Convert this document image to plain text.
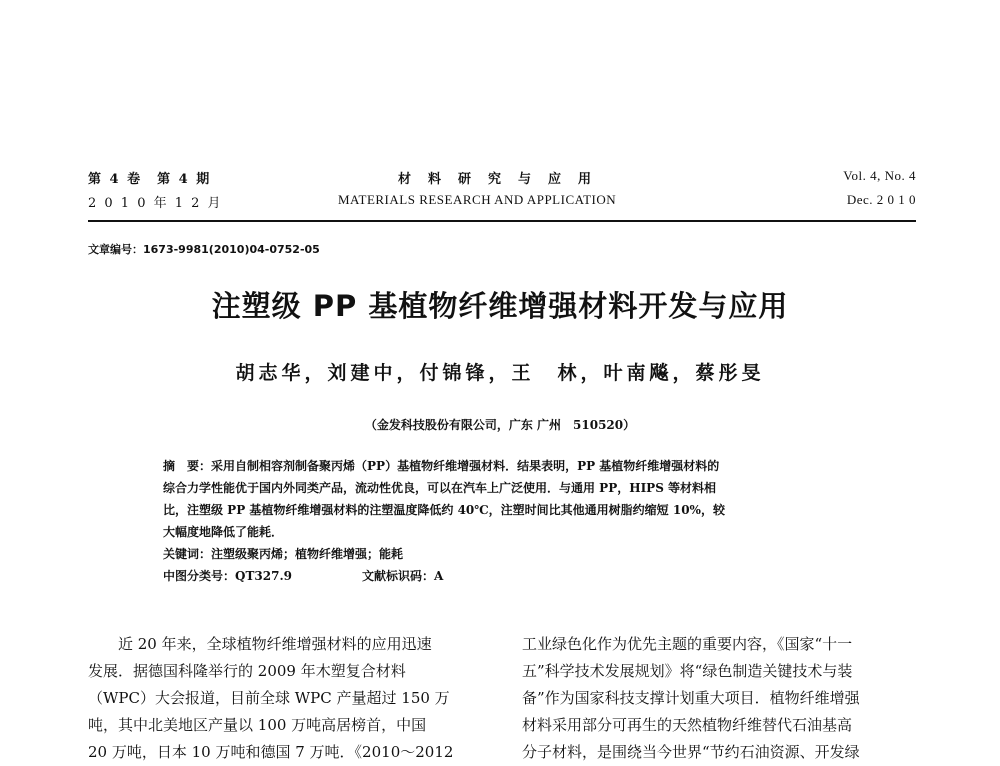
第 4 卷　第 4 期
2 0 1 0 年 1 2 月
材　料　研　究　与　应　用
MATERIALS RESEARCH AND APPLICATION
Vol. 4, No. 4
Dec. 2 0 1 0
文章编号：1673-9981(2010)04-0752-05
注塑级 PP 基植物纤维增强材料开发与应用
胡志华，刘建中，付锦锋，王　林，叶南飚，蔡彤旻
（金发科技股份有限公司，广东 广州　510520）
摘　要：采用自制相容剂制备聚丙烯（PP）基植物纤维增强材料．结果表明，PP 基植物纤维增强材料的
综合力学性能优于国内外同类产品，流动性优良，可以在汽车上广泛使用．与通用 PP，HIPS 等材料相
比，注塑级 PP 基植物纤维增强材料的注塑温度降低约 40℃，注塑时间比其他通用树脂约缩短 10%，较
大幅度地降低了能耗．
关键词：注塑级聚丙烯；植物纤维增强；能耗
中图分类号：QT327.9	文献标识码：A
　　近 20 年来，全球植物纤维增强材料的应用迅速
发展．据德国科隆举行的 2009 年木塑复合材料
（WPC）大会报道，目前全球 WPC 产量超过 150 万
吨，其中北美地区产量以 100 万吨高居榜首，中国
20 万吨，日本 10 万吨和德国 7 万吨．《2010～2012
工业绿色化作为优先主题的重要内容，《国家“十一
五”科学技术发展规划》将“绿色制造关键技术与装
备”作为国家科技支撑计划重大项目．植物纤维增强
材料采用部分可再生的天然植物纤维替代石油基高
分子材料，是围绕当今世界“节约石油资源、开发绿
